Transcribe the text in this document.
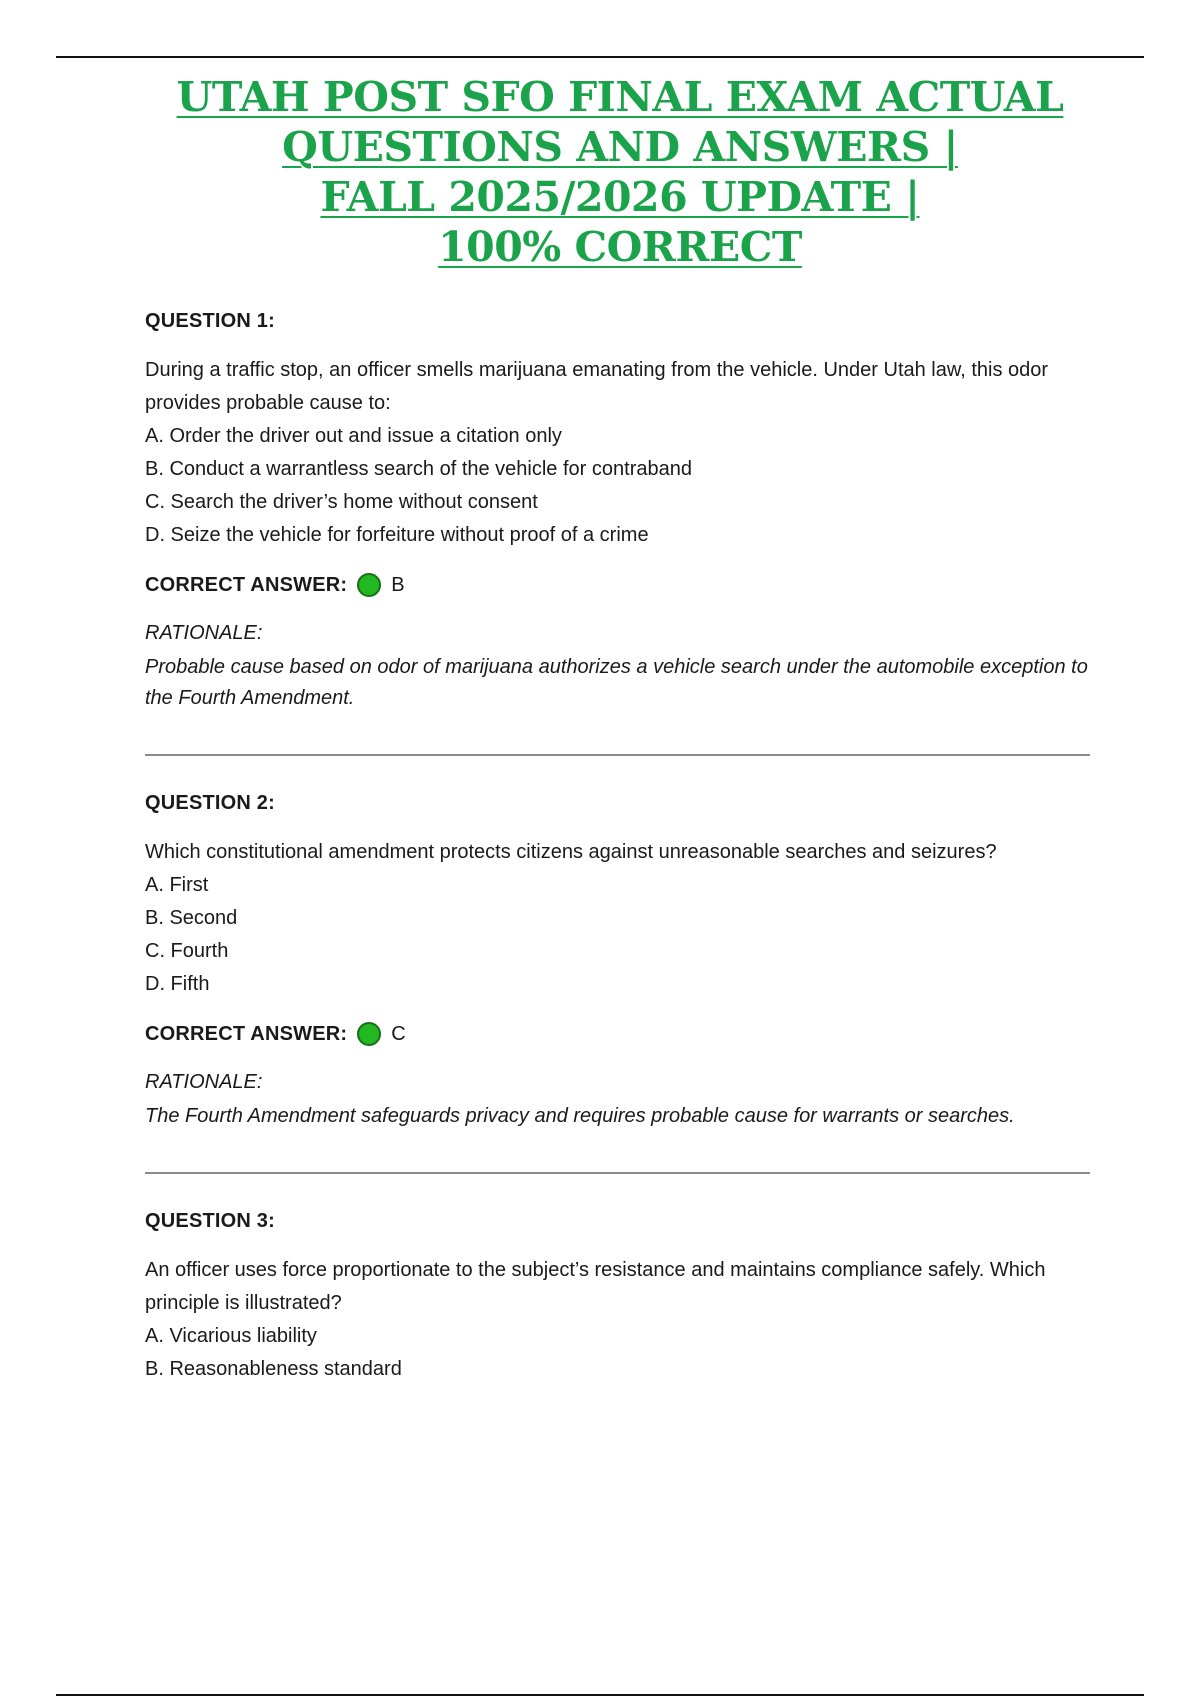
UTAH POST SFO FINAL EXAM ACTUAL
QUESTIONS AND ANSWERS |
FALL 2025/2026 UPDATE |
100% CORRECT
QUESTION 1:

During a traffic stop, an officer smells marijuana emanating from the vehicle. Under Utah law, this odor provides probable cause to:

A. Order the driver out and issue a citation only

B. Conduct a warrantless search of the vehicle for contraband

C. Search the driver’s home without consent

D. Seize the vehicle for forfeiture without proof of a crime

CORRECT ANSWER: B
RATIONALE:

Probable cause based on odor of marijuana authorizes a vehicle search under the automobile exception to the Fourth Amendment.

QUESTION 2:

Which constitutional amendment protects citizens against unreasonable searches and seizures?

A. First

B. Second

C. Fourth

D. Fifth

CORRECT ANSWER: C
RATIONALE:

The Fourth Amendment safeguards privacy and requires probable cause for warrants or searches.

QUESTION 3:

An officer uses force proportionate to the subject’s resistance and maintains compliance safely. Which principle is illustrated?

A. Vicarious liability

B. Reasonableness standard
